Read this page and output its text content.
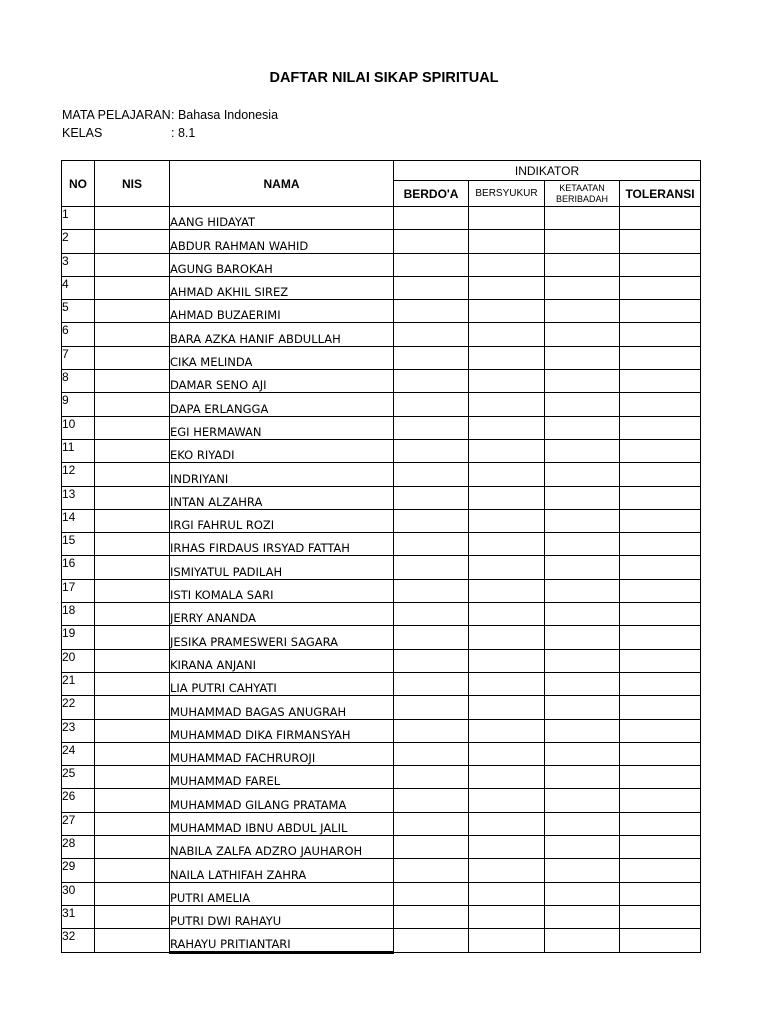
DAFTAR NILAI SIKAP SPIRITUAL
MATA PELAJARAN: Bahasa Indonesia
KELAS	: 8.1
NO	NIS	NAMA	INDIKATOR			
			BERDO'A	BERSYUKUR	KETAATAN BERIBADAH	TOLERANSI
1		AANG HIDAYAT				
2		ABDUR RAHMAN WAHID				
3		AGUNG BAROKAH				
4		AHMAD AKHIL SIREZ				
5		AHMAD BUZAERIMI				
6		BARA AZKA HANIF ABDULLAH				
7		CIKA MELINDA				
8		DAMAR SENO AJI				
9		DAPA ERLANGGA				
10		EGI HERMAWAN				
11		EKO RIYADI				
12		INDRIYANI				
13		INTAN ALZAHRA				
14		IRGI FAHRUL ROZI				
15		IRHAS FIRDAUS IRSYAD FATTAH				
16		ISMIYATUL PADILAH				
17		ISTI KOMALA SARI				
18		JERRY ANANDA				
19		JESIKA PRAMESWERI SAGARA				
20		KIRANA ANJANI				
21		LIA PUTRI CAHYATI				
22		MUHAMMAD BAGAS ANUGRAH				
23		MUHAMMAD DIKA FIRMANSYAH				
24		MUHAMMAD FACHRUROJI				
25		MUHAMMAD FAREL				
26		MUHAMMAD GILANG PRATAMA				
27		MUHAMMAD IBNU ABDUL JALIL				
28		NABILA ZALFA ADZRO JAUHAROH				
29		NAILA LATHIFAH ZAHRA				
30		PUTRI AMELIA				
31		PUTRI DWI RAHAYU				
32		RAHAYU PRITIANTARI				
